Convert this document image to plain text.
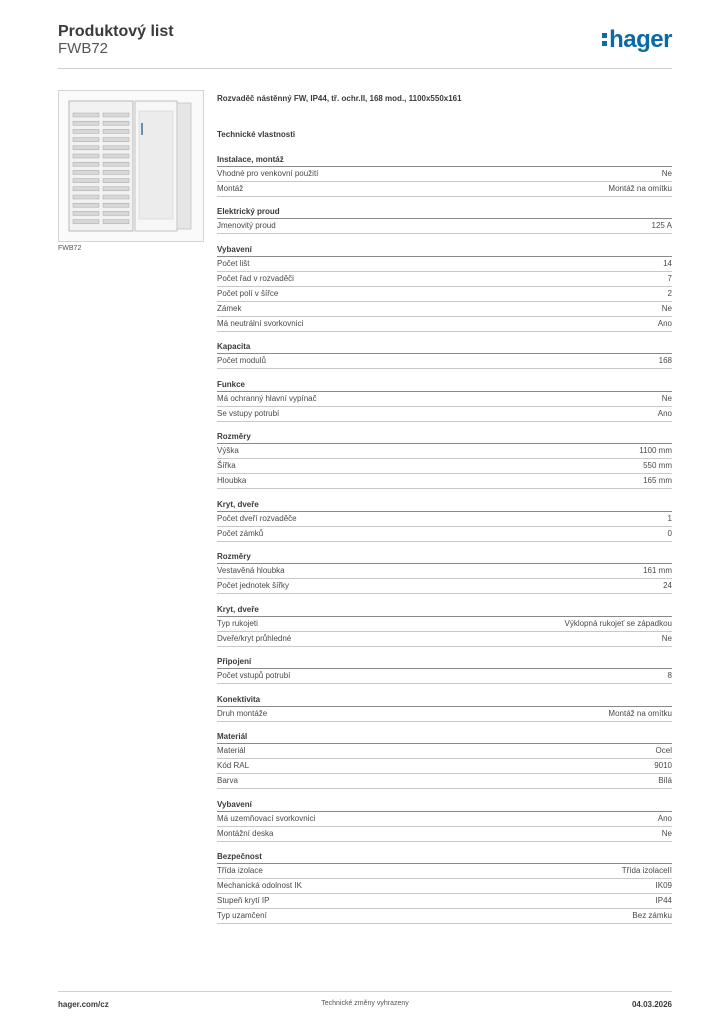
Produktový list
FWB72	hager
FWB72
Rozvaděč nástěnný FW, IP44, tř. ochr.II, 168 mod., 1100x550x161
Technické vlastnosti
Instalace, montáž
Vhodné pro venkovní použití	Ne
Montáž	Montáž na omítku
Elektrický proud
Jmenovitý proud	125 A
Vybavení
Počet lišt	14
Počet řad v rozvaděči	7
Počet polí v šířce	2
Zámek	Ne
Má neutrální svorkovnici	Ano
Kapacita
Počet modulů	168
Funkce
Má ochranný hlavní vypínač	Ne
Se vstupy potrubí	Ano
Rozměry
Výška	1100 mm
Šířka	550 mm
Hloubka	165 mm
Kryt, dveře
Počet dveří rozvaděče	1
Počet zámků	0
Rozměry
Vestavěná hloubka	161 mm
Počet jednotek šířky	24
Kryt, dveře
Typ rukojeti	Výklopná rukojeť se západkou
Dveře/kryt průhledné	Ne
Připojení
Počet vstupů potrubí	8
Konektivita
Druh montáže	Montáž na omítku
Materiál
Materiál	Ocel
Kód RAL	9010
Barva	Bílá
Vybavení
Má uzemňovací svorkovnici	Ano
Montážní deska	Ne
Bezpečnost
Třída izolace	Třída izolaceII
Mechanická odolnost IK	IK09
Stupeň krytí IP	IP44
Typ uzamčení	Bez zámku
hager.com/cz	Technické změny vyhrazeny	04.03.2026
